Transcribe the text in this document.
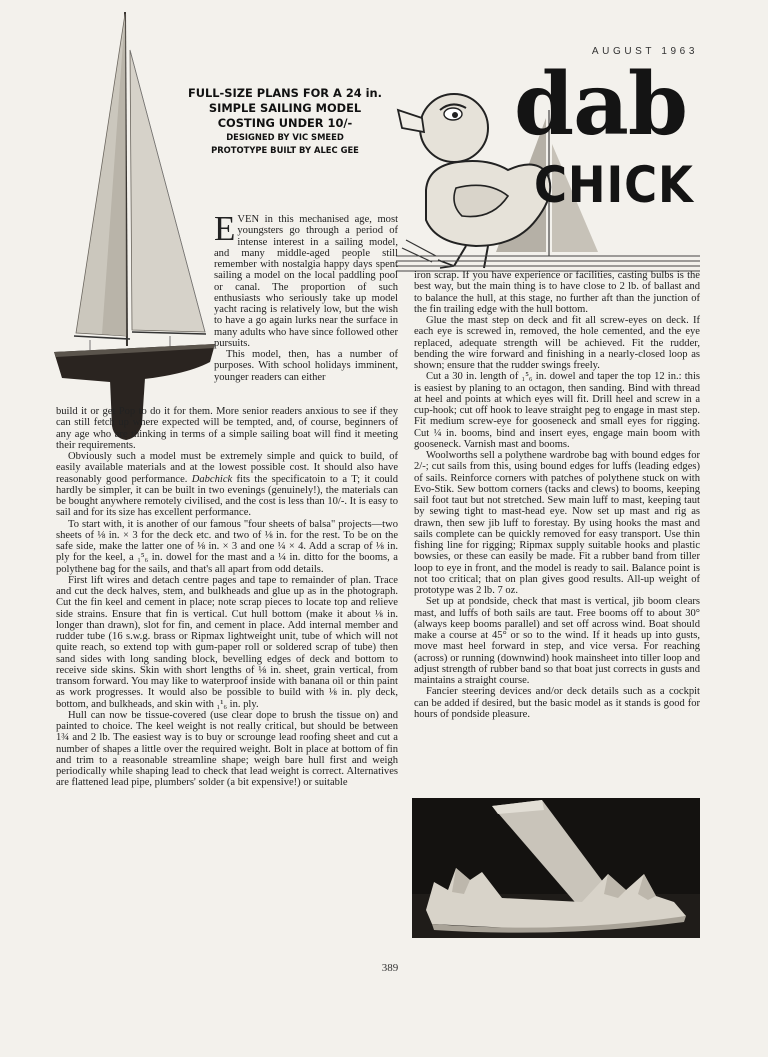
AUGUST 1963
FULL-SIZE PLANS FOR A 24 in.
SIMPLE SAILING MODEL
COSTING UNDER 10/-
DESIGNED BY VIC SMEED
PROTOTYPE BUILT BY ALEC GEE	dab
CHICK

EVEN in this mechanised age, most youngsters go through a period of intense interest in a sailing model, and many middle-aged people still remember with nostalgia happy days spent sailing a model on the local paddling pool or canal. The proportion of such enthusiasts who seriously take up model yacht racing is relatively low, but the wish to have a go again lurks near the surface in many adults who have since followed other pursuits.

This model, then, has a number of purposes. With school holidays imminent, younger readers can either

build it or get Pop to do it for them. More senior readers anxious to see if they can still fetch up where expected will be tempted, and, of course, beginners of any age who are thinking in terms of a simple sailing boat will find it meeting their requirements.

Obviously such a model must be extremely simple and quick to build, of easily available materials and at the lowest possible cost. It should also have reasonably good performance. Dabchick fits the specificatoin to a T; it could hardly be simpler, it can be built in two evenings (genuinely!), the materials can be bought anywhere remotely civilised, and the cost is less than 10/-. It is easy to sail and for its size has excellent performance.

To start with, it is another of our famous "four sheets of balsa" projects—two sheets of ⅛ in. × 3 for the deck etc. and two of ⅛ in. for the rest. To be on the safe side, make the latter one of ⅛ in. × 3 and one ¼ × 4. Add a scrap of ⅛ in. ply for the keel, a ₁⁵₆ in. dowel for the mast and a ¼ in. ditto for the booms, a polythene bag for the sails, and that's all apart from odd details.

First lift wires and detach centre pages and tape to remainder of plan. Trace and cut the deck halves, stem, and bulkheads and glue up as in the photograph. Cut the fin keel and cement in place; note scrap pieces to locate top and relieve side strains. Ensure that fin is vertical. Cut hull bottom (make it about ⅛ in. longer than drawn), slot for fin, and cement in place. Add internal member and rudder tube (16 s.w.g. brass or Ripmax lightweight unit, tube of which will not quite reach, so extend top with gum-paper roll or soldered scrap of tube) then sand sides with long sanding block, bevelling edges of deck and bottom to receive side skins. Skin with short lengths of ⅛ in. sheet, grain vertical, from transom forward. You may like to waterproof inside with banana oil or thin paint as work progresses. It would also be possible to build with ⅛ in. ply deck, bottom, and bulkheads, and skin with ₁¹₆ in. ply.

Hull can now be tissue-covered (use clear dope to brush the tissue on) and painted to choice. The keel weight is not really critical, but should be between 1¾ and 2 lb. The easiest way is to buy or scrounge lead roofing sheet and cut a number of shapes a little over the required weight. Bolt in place at bottom of fin and trim to a reasonable streamline shape; weigh bare hull first and weigh periodically while shaping lead to check that lead weight is correct. Alternatives are flattened lead pipe, plumbers' solder (a bit expensive!) or suitable

iron scrap. If you have experience or facilities, casting bulbs is the best way, but the main thing is to have close to 2 lb. of ballast and to balance the hull, at this stage, no further aft than the junction of the fin trailing edge with the hull bottom.

Glue the mast step on deck and fit all screw-eyes on deck. If each eye is screwed in, removed, the hole cemented, and the eye replaced, adequate strength will be achieved. Fit the rudder, bending the wire forward and finishing in a nearly-closed loop as shown; ensure that the rudder swings freely.

Cut a 30 in. length of ₁⁵₆ in. dowel and taper the top 12 in.: this is easiest by planing to an octagon, then sanding. Bind with thread at heel and points at which eyes will fit. Drill heel and screw in a cup-hook; cut off hook to leave straight peg to engage in mast step. Fit medium screw-eye for gooseneck and small eyes for rigging. Cut ¼ in. booms, bind and insert eyes, engage main boom with gooseneck. Varnish mast and booms.

Woolworths sell a polythene wardrobe bag with bound edges for 2/-; cut sails from this, using bound edges for luffs (leading edges) of sails. Reinforce corners with patches of polythene stuck on with Evo-Stik. Sew bottom corners (tacks and clews) to booms, keeping sail foot taut but not stretched. Sew main luff to mast, keeping taut by sewing tight to mast-head eye. Now set up mast and rig as drawn, then sew jib luff to forestay. By using hooks the mast and sails complete can be quickly removed for easy transport. Use thin fishing line for rigging; Ripmax supply suitable hooks and plastic bowsies, or these can easily be made. Fit a rubber band from tiller loop to eye in front, and the model is ready to sail. Balance point is not too critical; that on plan gives good results. All-up weight of prototype was 2 lb. 7 oz.

Set up at pondside, check that mast is vertical, jib boom clears mast, and luffs of both sails are taut. Free booms off to about 30° (always keep booms parallel) and set off across wind. Boat should make a course at 45° or so to the wind. If it heads up into gusts, move mast heel forward in step, and vice versa. For reaching (across) or running (downwind) hook mainsheet into tiller loop and adjust strength of rubber band so that boat just corrects in gusts and maintains a straight course.

Fancier steering devices and/or deck details such as a cockpit can be added if desired, but the basic model as it stands is good for hours of pondside pleasure.

389
